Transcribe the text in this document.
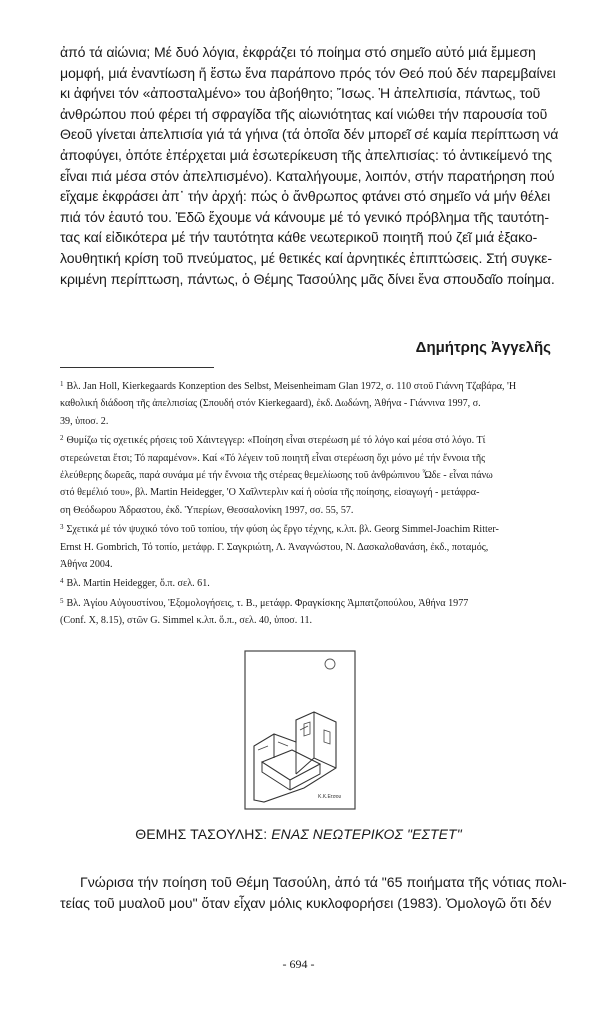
ἀπό τά αἰώνια; Μέ δυό λόγια, ἐκφράζει τό ποίημα στό σημεῖο αὐτό μιά ἔμμεση
μομφή, μιά ἐναντίωση ἤ ἔστω ἕνα παράπονο πρός τόν Θεό πού δέν παρεμβαίνει
κι ἀφήνει τόν «ἀποσταλμένο» του ἀβοήθητο; Ἴσως. Ἡ ἀπελπισία, πάντως, τοῦ
ἀνθρώπου πού φέρει τή σφραγίδα τῆς αἰωνιότητας καί νιώθει τήν παρουσία τοῦ
Θεοῦ γίνεται ἀπελπισία γιά τά γήινα (τά ὁποῖα δέν μπορεῖ σέ καμία περίπτωση νά
ἀποφύγει, ὁπότε ἐπέρχεται μιά ἐσωτερίκευση τῆς ἀπελπισίας: τό ἀντικείμενό της
εἶναι πιά μέσα στόν ἀπελπισμένο). Καταλήγουμε, λοιπόν, στήν παρατήρηση πού
εἴχαμε ἐκφράσει ἀπ᾿ τήν ἀρχή: πώς ὁ ἄνθρωπος φτάνει στό σημεῖο νά μήν θέλει
πιά τόν ἑαυτό του. Ἐδῶ ἔχουμε νά κάνουμε μέ τό γενικό πρόβλημα τῆς ταυτότη-
τας καί εἰδικότερα μέ τήν ταυτότητα κάθε νεωτερικοῦ ποιητῆ πού ζεῖ μιά ἐξακο-
λουθητική κρίση τοῦ πνεύματος, μέ θετικές καί ἀρνητικές ἐπιπτώσεις. Στή συγκε-
κριμένη περίπτωση, πάντως, ὁ Θέμης Τασούλης μᾶς δίνει ἕνα σπουδαῖο ποίημα.

Δημήτρης Ἀγγελῆς
$^1$ Βλ. Jan Holl, Kierkegaards Konzeption des Selbst, Meisenheimam Glan 1972, σ. 110 στοῦ Γιάννη Τζαβάρα, 'Η
καθολική διάδοση τῆς ἀπελπισίας (Σπουδή στόν Kierkegaard), ἐκδ. Δωδώνη, Ἀθήνα - Γιάννινα 1997, σ.
39, ὑποσ. 2.
$^2$ Θυμίζω τίς σχετικές ρήσεις τοῦ Χάιντεγγερ: «Ποίηση εἶναι στερέωση μέ τό λόγο καί μέσα στό λόγο. Τί
στερεώνεται ἔτσι; Τό παραμένον». Καί «Τό λέγειν τοῦ ποιητῆ εἶναι στερέωση ὄχι μόνο μέ τήν ἔννοια τῆς
ἐλεύθερης δωρεᾶς, παρά συνάμα μέ τήν ἔννοια τῆς στέρεας θεμελίωσης τοῦ ἀνθρώπινου Ὦδε - εἶναι πάνω
στό θεμέλιό του», βλ. Martin Heidegger, 'Ο Χαῖλντερλιν καί ἡ οὐσία τῆς ποίησης, εἰσαγωγή - μετάφρα-
ση Θεόδωρου Ἀδραστου, ἐκδ. Ὑπερίων, Θεσσαλονίκη 1997, σσ. 55, 57.
$^3$ Σχετικά μέ τόν ψυχικό τόνο τοῦ τοπίου, τήν φύση ὡς ἔργο τέχνης, κ.λπ. βλ. Georg Simmel-Joachim Ritter-
Ernst H. Gombrich, Τό τοπίο, μετάφρ. Γ. Σαγκριώτη, Λ. Ἀναγνώστου, Ν. Δασκαλοθανάση, ἐκδ., ποταμός,
Ἀθήνα 2004.
$^4$ Βλ. Martin Heidegger, ὅ.π. σελ. 61.
$^5$ Βλ. Ἁγίου Αὐγουστίνου, Ἐξομολογήσεις, τ. Β., μετάφρ. Φραγκίσκης Ἀμπατζοπούλου, Ἀθήνα 1977
(Conf. X, 8.15), στῶν G. Simmel κ.λπ. ὅ.π., σελ. 40, ὑποσ. 11.
Κ.Κ.Ετσου
ΘΕΜΗΣ ΤΑΣΟΥΛΗΣ: ΕΝΑΣ ΝΕΩΤΕΡΙΚΟΣ "ΕΣΤΕΤ"
Γνώρισα τήν ποίηση τοῦ Θέμη Τασούλη, ἀπό τά "65 ποιήματα τῆς νότιας πολι-
τείας τοῦ μυαλοῦ μου" ὅταν εἶχαν μόλις κυκλοφορήσει (1983). Ὁμολογῶ ὅτι δέν
- 694 -
